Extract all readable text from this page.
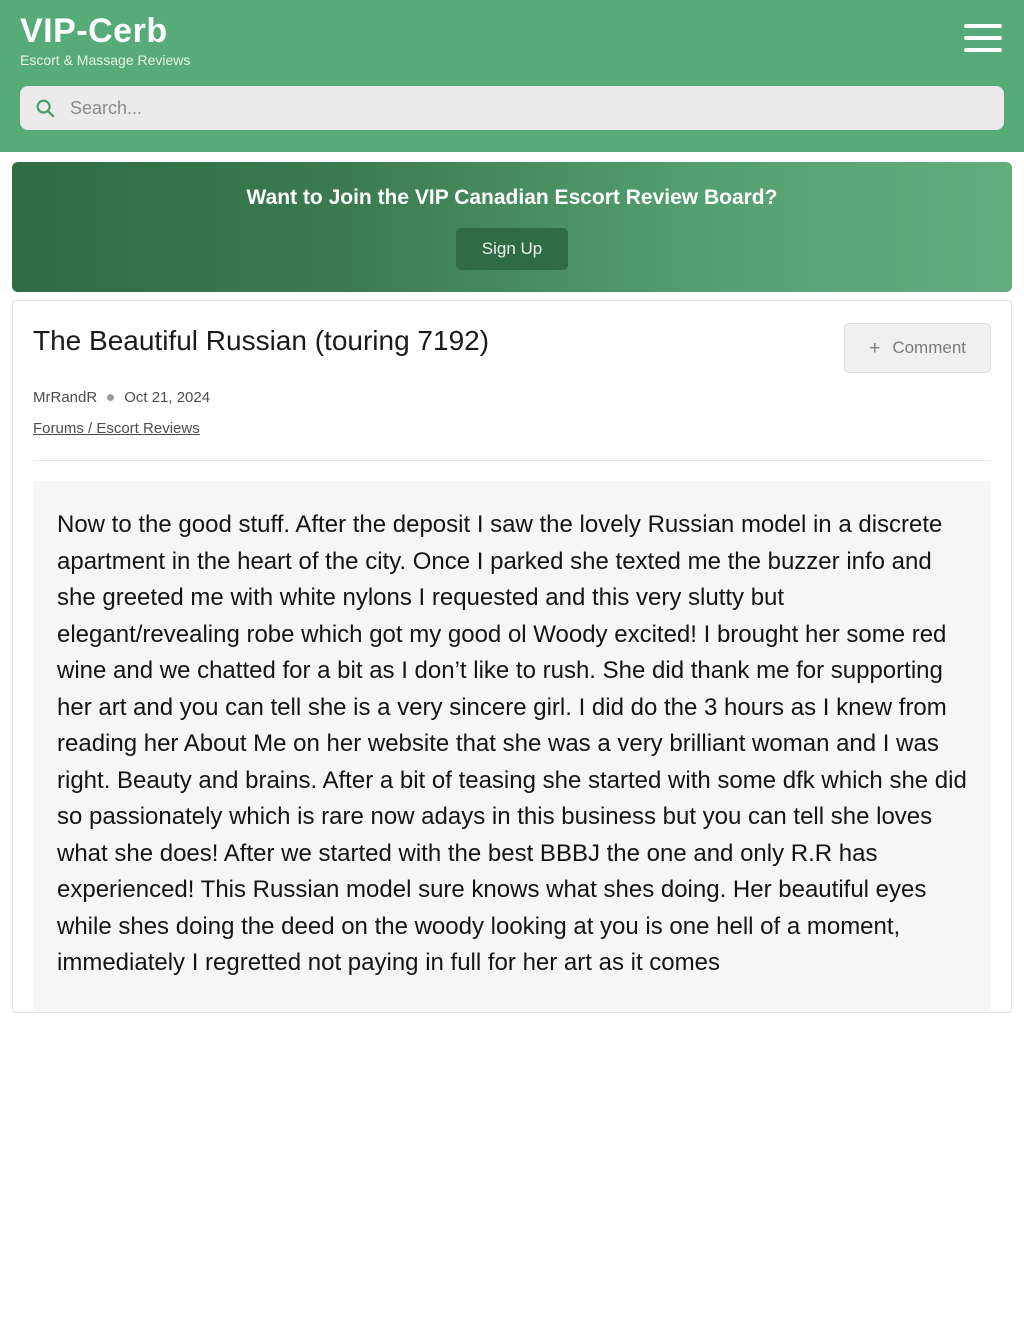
VIP-Cerb
Escort & Massage Reviews
Search...
Want to Join the VIP Canadian Escort Review Board?
Sign Up
The Beautiful Russian (touring 7192)	+ Comment
MrRandR Oct 21, 2024
Forums / Escort Reviews

Now to the good stuff. After the deposit I saw the lovely Russian model in a discrete apartment in the heart of the city. Once I parked she texted me the buzzer info and she greeted me with white nylons I requested and this very slutty but elegant/revealing robe which got my good ol Woody excited! I brought her some red wine and we chatted for a bit as I don’t like to rush. She did thank me for supporting her art and you can tell she is a very sincere girl. I did do the 3 hours as I knew from reading her About Me on her website that she was a very brilliant woman and I was right. Beauty and brains. After a bit of teasing she started with some dfk which she did so passionately which is rare now adays in this business but you can tell she loves what she does! After we started with the best BBBJ the one and only R.R has experienced! This Russian model sure knows what shes doing. Her beautiful eyes while shes doing the deed on the woody looking at you is one hell of a moment, immediately I regretted not paying in full for her art as it comes
